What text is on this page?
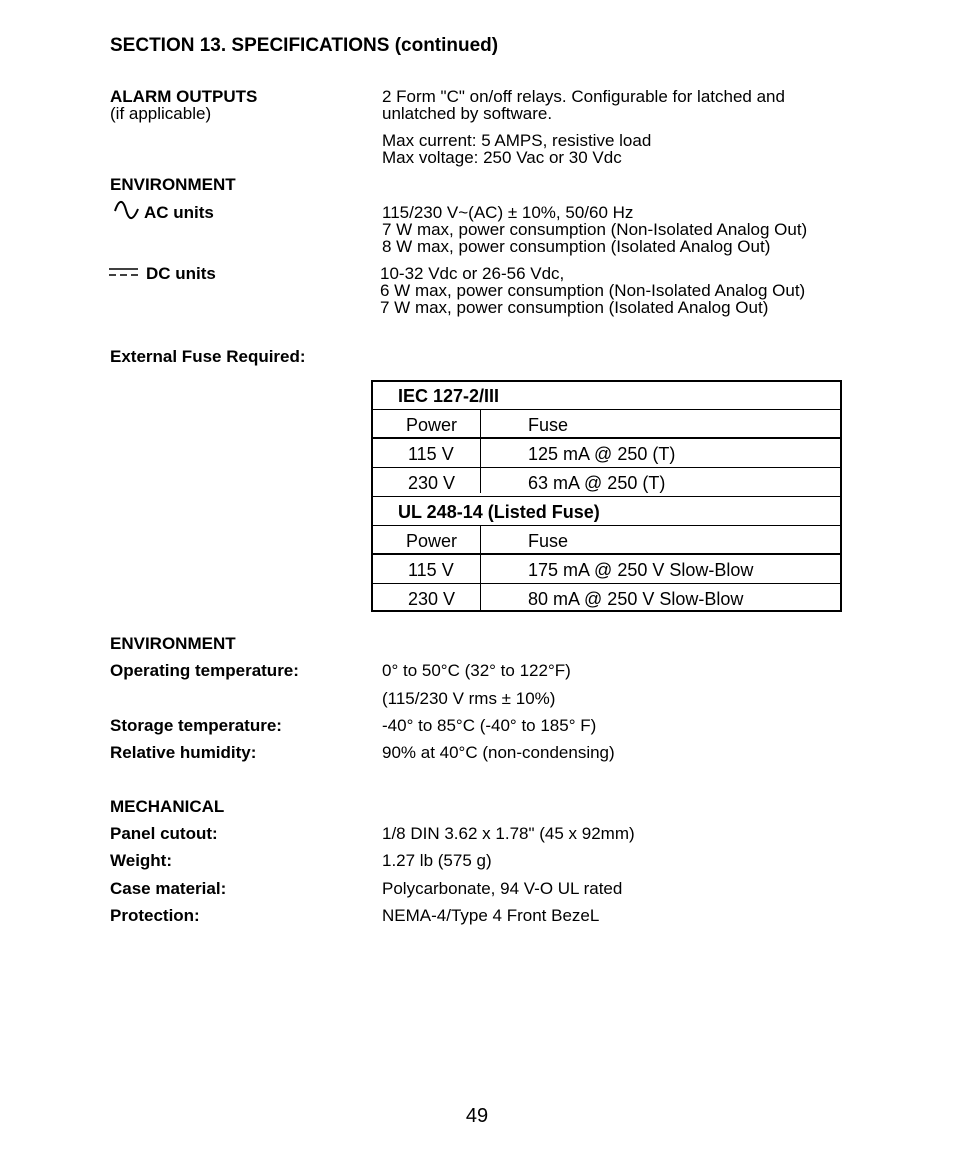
SECTION 13. SPECIFICATIONS (continued)
ALARM OUTPUTS
(if applicable)
2 Form "C" on/off relays. Configurable for latched and
unlatched by software.
Max current: 5 AMPS, resistive load
Max voltage: 250 Vac or 30 Vdc
ENVIRONMENT
AC units	115/230 V~(AC) ± 10%, 50/60 Hz
7 W max, power consumption (Non-Isolated Analog Out)
8 W max, power consumption (Isolated Analog Out)
DC units	10-32 Vdc or 26-56 Vdc,
6 W max, power consumption (Non-Isolated Analog Out)
7 W max, power consumption (Isolated Analog Out)
External Fuse Required:
IEC 127-2/III
Power	Fuse
115 V	125 mA @ 250 (T)
230 V	63 mA @ 250 (T)
UL 248-14 (Listed Fuse)
Power	Fuse
115 V	175 mA @ 250 V Slow-Blow
230 V	80 mA @ 250 V Slow-Blow
ENVIRONMENT
Operating temperature:	0° to 50°C (32° to 122°F)
(115/230 V rms ± 10%)
Storage temperature:	-40° to 85°C (-40° to 185° F)
Relative humidity:	90% at 40°C (non-condensing)
MECHANICAL
Panel cutout:	1/8 DIN 3.62 x 1.78" (45 x 92mm)
Weight:	1.27 lb (575 g)
Case material:	Polycarbonate, 94 V-O UL rated
Protection:	NEMA-4/Type 4 Front BezeL
49
